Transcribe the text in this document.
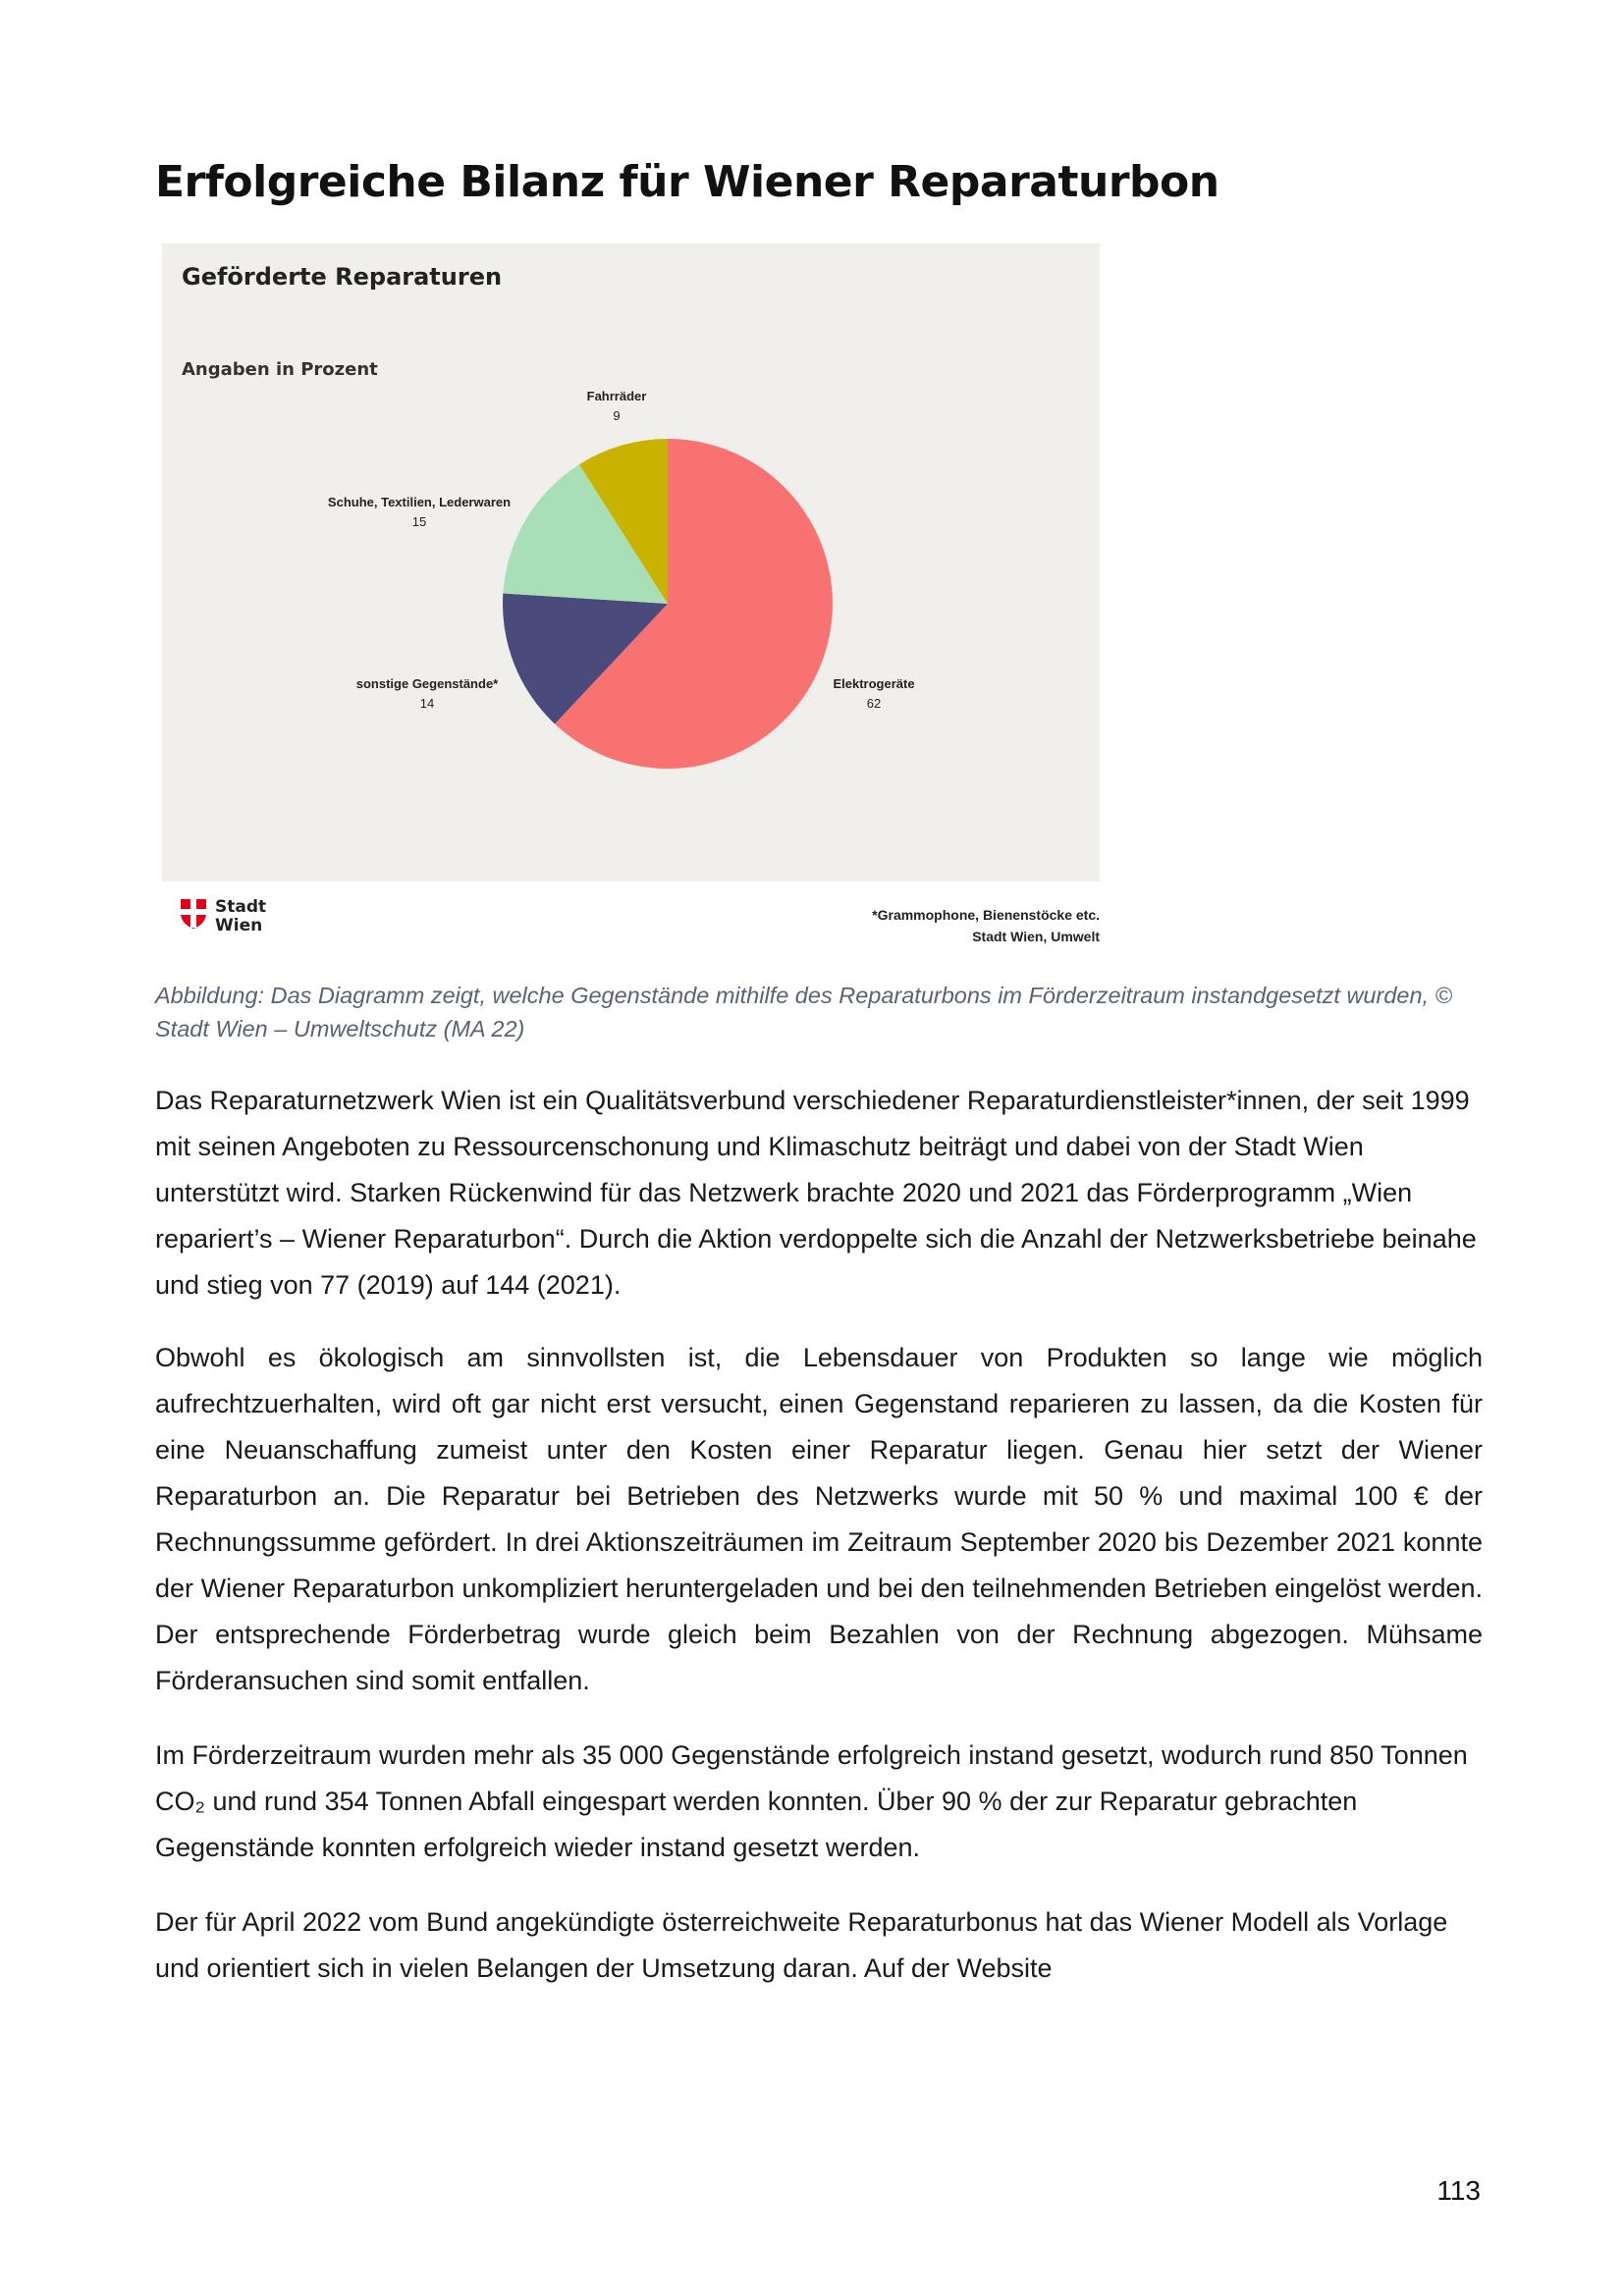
Erfolgreiche Bilanz für Wiener Reparaturbon
Geförderte Reparaturen
Angaben in Prozent
Elektrogeräte
62
sonstige Gegenstände*
14
Schuhe, Textilien, Lederwaren
15
Fahrräder
9
Stadt
Wien
*Grammophone, Bienenstöcke etc.
Stadt Wien, Umwelt

Abbildung: Das Diagramm zeigt, welche Gegenstände mithilfe des Reparaturbons im Förderzeitraum instandgesetzt wurden, © Stadt Wien – Umweltschutz (MA 22)

Das Reparaturnetzwerk Wien ist ein Qualitätsverbund verschiedener Reparaturdienstleister*innen, der seit 1999 mit seinen Angeboten zu Ressourcenschonung und Klimaschutz beiträgt und dabei von der Stadt Wien unterstützt wird. Starken Rückenwind für das Netzwerk brachte 2020 und 2021 das Förderprogramm „Wien repariert’s – Wiener Reparaturbon“. Durch die Aktion verdoppelte sich die Anzahl der Netzwerksbetriebe beinahe und stieg von 77 (2019) auf 144 (2021).

Obwohl es ökologisch am sinnvollsten ist, die Lebensdauer von Produkten so lange wie möglich aufrechtzuerhalten, wird oft gar nicht erst versucht, einen Gegenstand reparieren zu lassen, da die Kosten für eine Neuanschaffung zumeist unter den Kosten einer Reparatur liegen. Genau hier setzt der Wiener Reparaturbon an. Die Reparatur bei Betrieben des Netzwerks wurde mit 50 % und maximal 100 € der Rechnungssumme gefördert. In drei Aktionszeiträumen im Zeitraum September 2020 bis Dezember 2021 konnte der Wiener Reparaturbon unkompliziert heruntergeladen und bei den teilnehmenden Betrieben eingelöst werden. Der entsprechende Förderbetrag wurde gleich beim Bezahlen von der Rechnung abgezogen. Mühsame Förderansuchen sind somit entfallen.

Im Förderzeitraum wurden mehr als 35 000 Gegenstände erfolgreich instand gesetzt, wodurch rund 850 Tonnen CO₂ und rund 354 Tonnen Abfall eingespart werden konnten. Über 90 % der zur Reparatur gebrachten Gegenstände konnten erfolgreich wieder instand gesetzt werden.

Der für April 2022 vom Bund angekündigte österreichweite Reparaturbonus hat das Wiener Modell als Vorlage und orientiert sich in vielen Belangen der Umsetzung daran. Auf der Website

113
